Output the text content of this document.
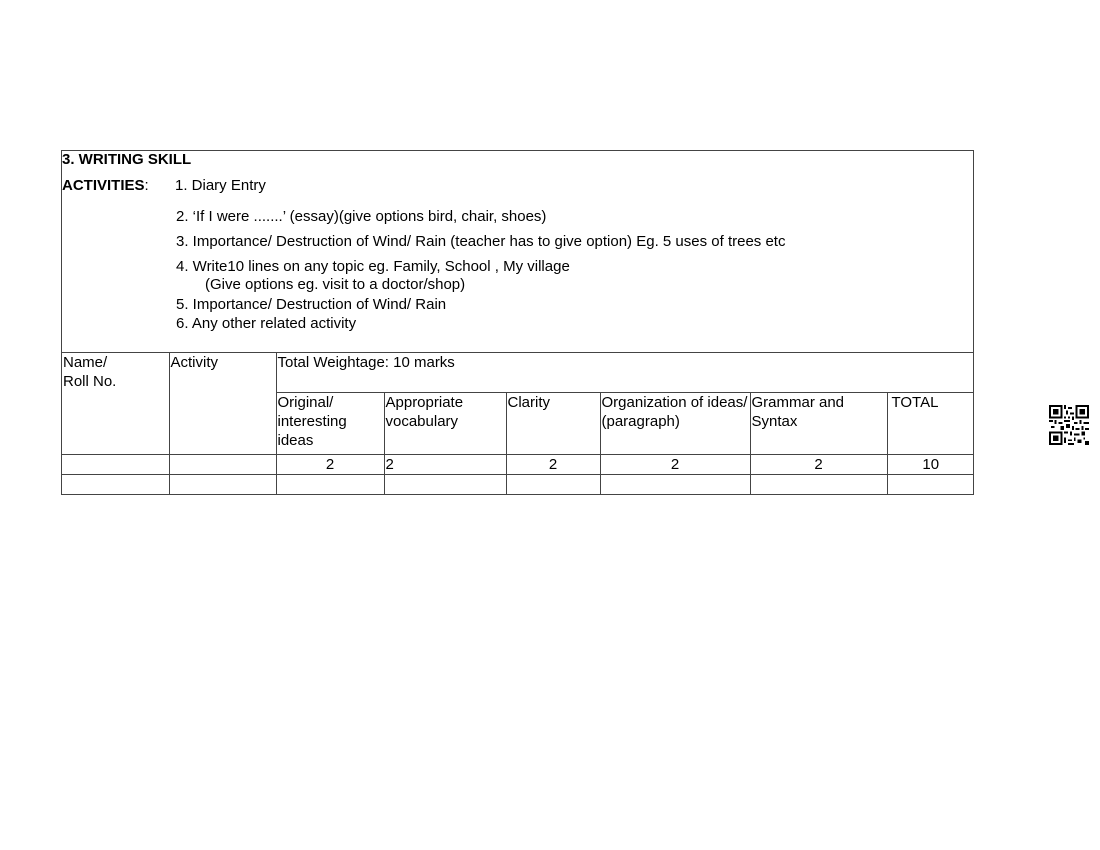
3. WRITING SKILL
ACTIVITIES: 1. Diary Entry
2. ‘If I were .......’ (essay)(give options bird, chair, shoes)
3. Importance/ Destruction of Wind/ Rain (teacher has to give option) Eg. 5 uses of trees etc
4. Write10 lines on any topic eg. Family, School , My village
(Give options eg. visit to a doctor/shop)
5. Importance/ Destruction of Wind/ Rain
6. Any other related activity
Name/
Roll No.	Activity	Total Weightage: 10 marks					
		Original/ interesting ideas	Appropriate vocabulary	Clarity	Organization of ideas/ (paragraph)	Grammar and Syntax	TOTAL
		2	2	2	2	2	10
